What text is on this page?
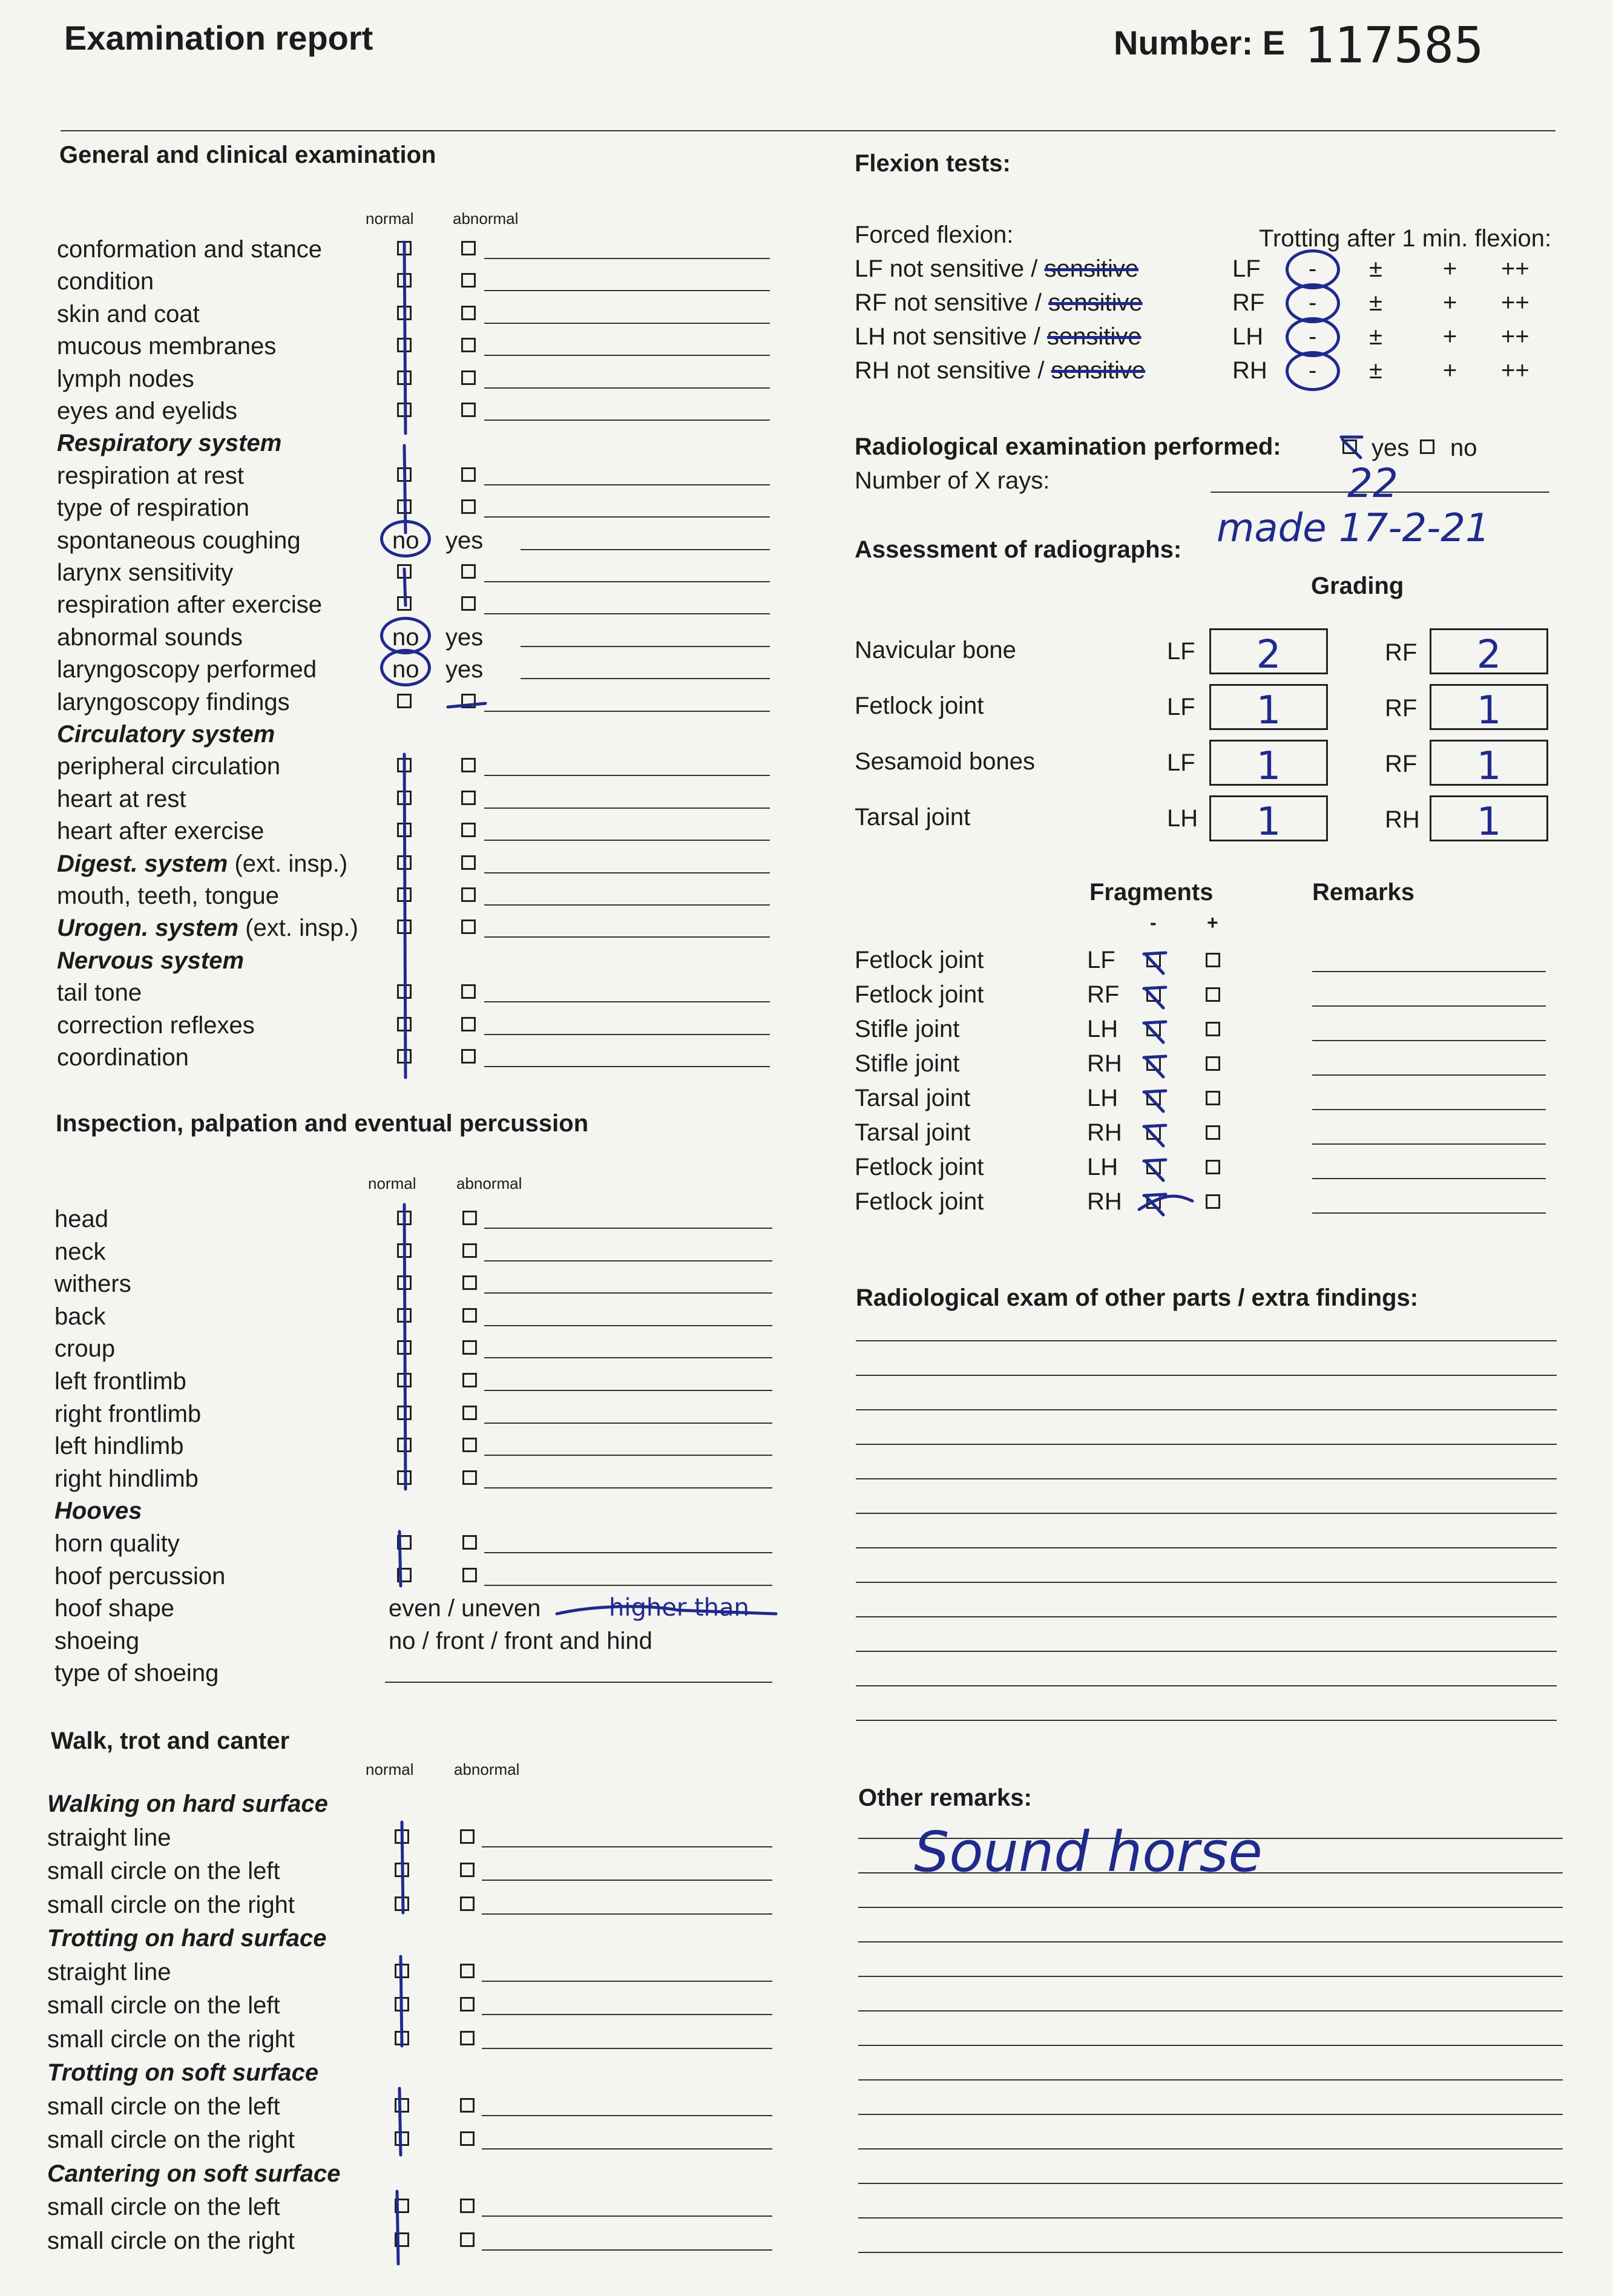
Examination report	Number: E 117585
General and clinical examination
normal abnormal
conformation and stance
condition
skin and coat
mucous membranes
lymph nodes
eyes and eyelids
Respiratory system
respiration at rest
type of respiration
spontaneous coughing	no yes
larynx sensitivity
respiration after exercise
abnormal sounds	no yes
laryngoscopy performed	no yes
laryngoscopy findings
Circulatory system
peripheral circulation
heart at rest
heart after exercise
Digest. system (ext. insp.)
mouth, teeth, tongue
Urogen. system (ext. insp.)
Nervous system
tail tone
correction reflexes
coordination
Inspection, palpation and eventual percussion
normal	abnormal
head
neck
withers
back
croup
left frontlimb
right frontlimb
left hindlimb
right hindlimb
Hooves
horn quality
hoof percussion
hoof shape	even / uneven	higher than
shoeing	no / front / front and hind
type of shoeing
Walk, trot and canter
normal	abnormal
Walking on hard surface
straight line
small circle on the left
small circle on the right
Trotting on hard surface
straight line
small circle on the left
small circle on the right
Trotting on soft surface
small circle on the left
small circle on the right
Cantering on soft surface
small circle on the left
small circle on the right
Flexion tests:
Forced flexion:	Trotting after 1 min. flexion:
LF not sensitive / sensitive	LF - ±	+ ++
RF not sensitive / sensitive	RF - ±	+ ++
LH not sensitive / sensitive	LH - ±	+ ++
RH not sensitive / sensitive	RH - ±	+ ++
Radiological examination performed:	yes no
Number of X rays:	22
made 17-2-21
Assessment of radiographs:
Grading
Navicular bone	LF	2	RF	2
Fetlock joint	LF	1	RF	1
Sesamoid bones	LF	1	RF	1
Tarsal joint	LH	1	RH	1
Fragments	Remarks
-	+
Fetlock joint	LF
Fetlock joint	RF
Stifle joint	LH
Stifle joint	RH
Tarsal joint	LH
Tarsal joint	RH
Fetlock joint	LH
Fetlock joint	RH
Radiological exam of other parts / extra findings:
Other remarks:
Sound horse
